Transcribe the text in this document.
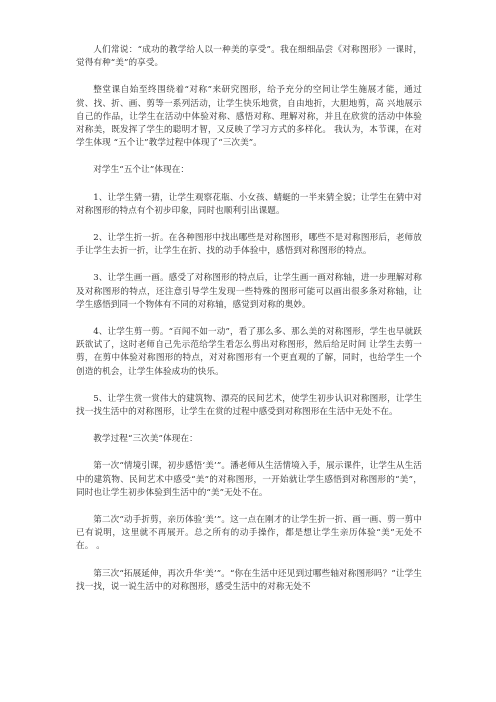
人们常说：“成功的教学给人以一种美的享受”。我在细细品尝《对称图形》一课时，觉得有种“美”的享受。

整堂课自始至终围绕着“对称”来研究图形，给予充分的空间让学生施展才能，通过赏、找、折、画、剪等一系列活动，让学生快乐地赏，自由地折，大胆地剪，高 兴地展示自己的作品，让学生在活动中体验对称、感悟对称、理解对称，并且在欣赏的活动中体验对称美，既发挥了学生的聪明才智，又反映了学习方式的多样化。 我认为，本节课，在对学生体现 “五个让”教学过程中体现了“三次美”。

对学生“五个让”体现在：

1、让学生猜一猜，让学生观察花瓶、小女孩、蜻蜓的一半来猜全貌；让学生在猜中对对称图形的特点有个初步印象，同时也顺利引出课题。

2、让学生折一折。在各种图形中找出哪些是对称图形，哪些不是对称图形后，老师放手让学生去折一折，让学生在折、找的动手体验中，感悟到对称图形的特点。

3、让学生画一画。感受了对称图形的特点后，让学生画一画对称轴，进一步理解对称及对称图形的特点，还注意引导学生发现一些特殊的图形可能可以画出很多条对称轴，让学生感悟到同一个物体有不同的对称轴，感觉到对称的奥妙。

4、让学生剪一剪。“百闻不如一动”，看了那么多、那么美的对称图形，学生也早就跃跃欲试了，这时老师自己先示范给学生看怎么剪出对称图形，然后给足时间 让学生去剪一剪，在剪中体验对称图形的特点，对对称图形有一个更直观的了解，同时，也给学生一个创造的机会，让学生体验成功的快乐。

5、让学生赏一赏伟大的建筑物、漂亮的民间艺术，使学生初步认识对称图形，让学生找一找生活中的对称图形，让学生在赏的过程中感受到对称图形在生活中无处不在。

教学过程“三次美”体现在：

第一次“情境引课，初步感悟‘美’”。潘老师从生活情境入手，展示课件，让学生从生活中的建筑物、民间艺术中感受“美”的对称图形，一开始就让学生感悟到对称图形的“美”，同时也让学生初步体验到生活中的“美”无处不在。

第二次“动手折剪，亲历体验‘美’”。这一点在刚才的让学生折一折、画一画、剪一剪中已有说明，这里就不再展开。总之所有的动手操作，都是想让学生亲历体验“美”无处不在。 。

第三次“拓展延伸，再次升华‘美’”。“你在生活中还见到过哪些轴对称图形吗？”让学生找一找，说一说生活中的对称图形，感受生活中的对称无处不
